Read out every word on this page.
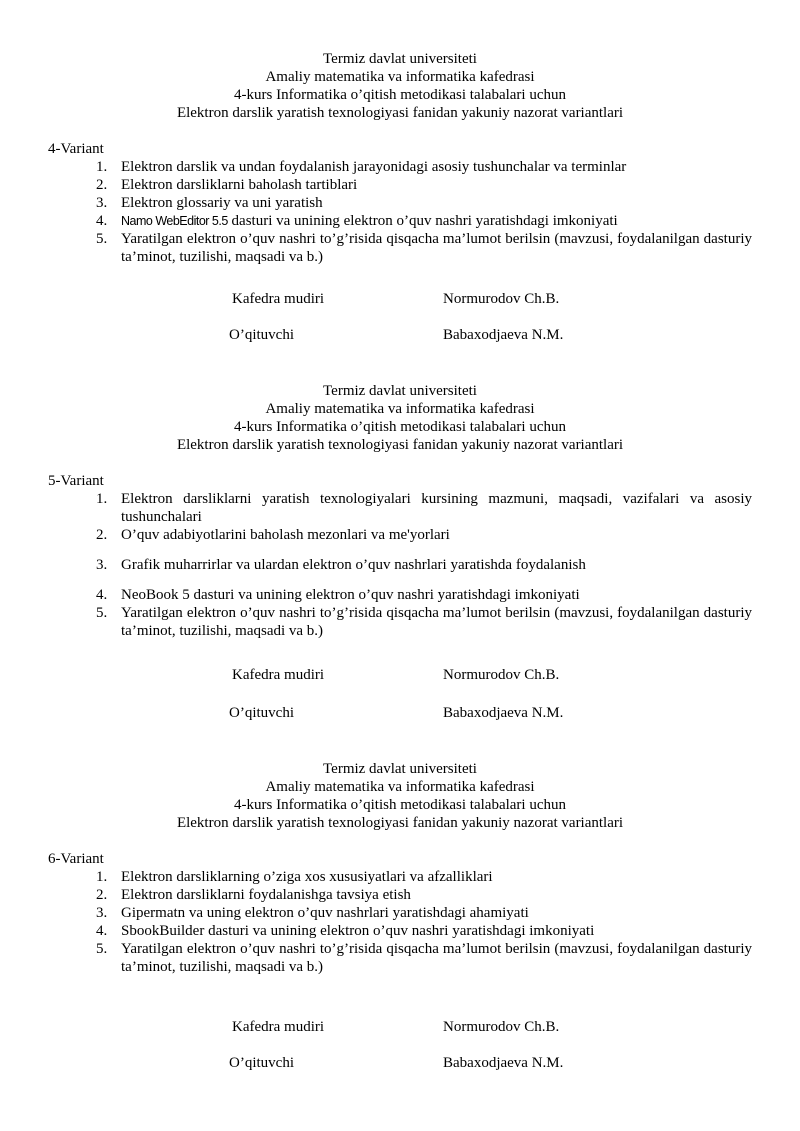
Termiz davlat universiteti
Amaliy matematika va informatika kafedrasi
4-kurs Informatika o’qitish metodikasi talabalari uchun
Elektron darslik yaratish texnologiyasi fanidan yakuniy nazorat variantlari
4-Variant
1. Elektron darslik va undan foydalanish jarayonidagi asosiy tushunchalar va terminlar
2. Elektron darsliklarni baholash tartiblari
3. Elektron glossariy va uni yaratish
4. Namo WebEditor 5.5 dasturi va unining elektron o’quv nashri yaratishdagi imkoniyati
5. Yaratilgan elektron o’quv nashri to’g’risida qisqacha ma’lumot berilsin (mavzusi, foydalanilgan dasturiy ta’minot, tuzilishi, maqsadi va b.)
Kafedra mudiri	Normurodov Ch.B.
O’qituvchi	Babaxodjaeva N.M.
Termiz davlat universiteti
Amaliy matematika va informatika kafedrasi
4-kurs Informatika o’qitish metodikasi talabalari uchun
Elektron darslik yaratish texnologiyasi fanidan yakuniy nazorat variantlari
5-Variant
1. Elektron darsliklarni yaratish texnologiyalari kursining mazmuni, maqsadi, vazifalari va asosiy tushunchalari
2. O’quv adabiyotlarini baholash mezonlari va me'yorlari
3. Grafik muharrirlar va ulardan elektron o’quv nashrlari yaratishda foydalanish
4. NeoBook 5 dasturi va unining elektron o’quv nashri yaratishdagi imkoniyati
5. Yaratilgan elektron o’quv nashri to’g’risida qisqacha ma’lumot berilsin (mavzusi, foydalanilgan dasturiy ta’minot, tuzilishi, maqsadi va b.)
Kafedra mudiri	Normurodov Ch.B.
O’qituvchi	Babaxodjaeva N.M.
Termiz davlat universiteti
Amaliy matematika va informatika kafedrasi
4-kurs Informatika o’qitish metodikasi talabalari uchun
Elektron darslik yaratish texnologiyasi fanidan yakuniy nazorat variantlari
6-Variant
1. Elektron darsliklarning o’ziga xos xususiyatlari va afzalliklari
2. Elektron darsliklarni foydalanishga tavsiya etish
3. Gipermatn va uning elektron o’quv nashrlari yaratishdagi ahamiyati
4. SbookBuilder dasturi va unining elektron o’quv nashri yaratishdagi imkoniyati
5. Yaratilgan elektron o’quv nashri to’g’risida qisqacha ma’lumot berilsin (mavzusi, foydalanilgan dasturiy ta’minot, tuzilishi, maqsadi va b.)
Kafedra mudiri	Normurodov Ch.B.
O’qituvchi	Babaxodjaeva N.M.
